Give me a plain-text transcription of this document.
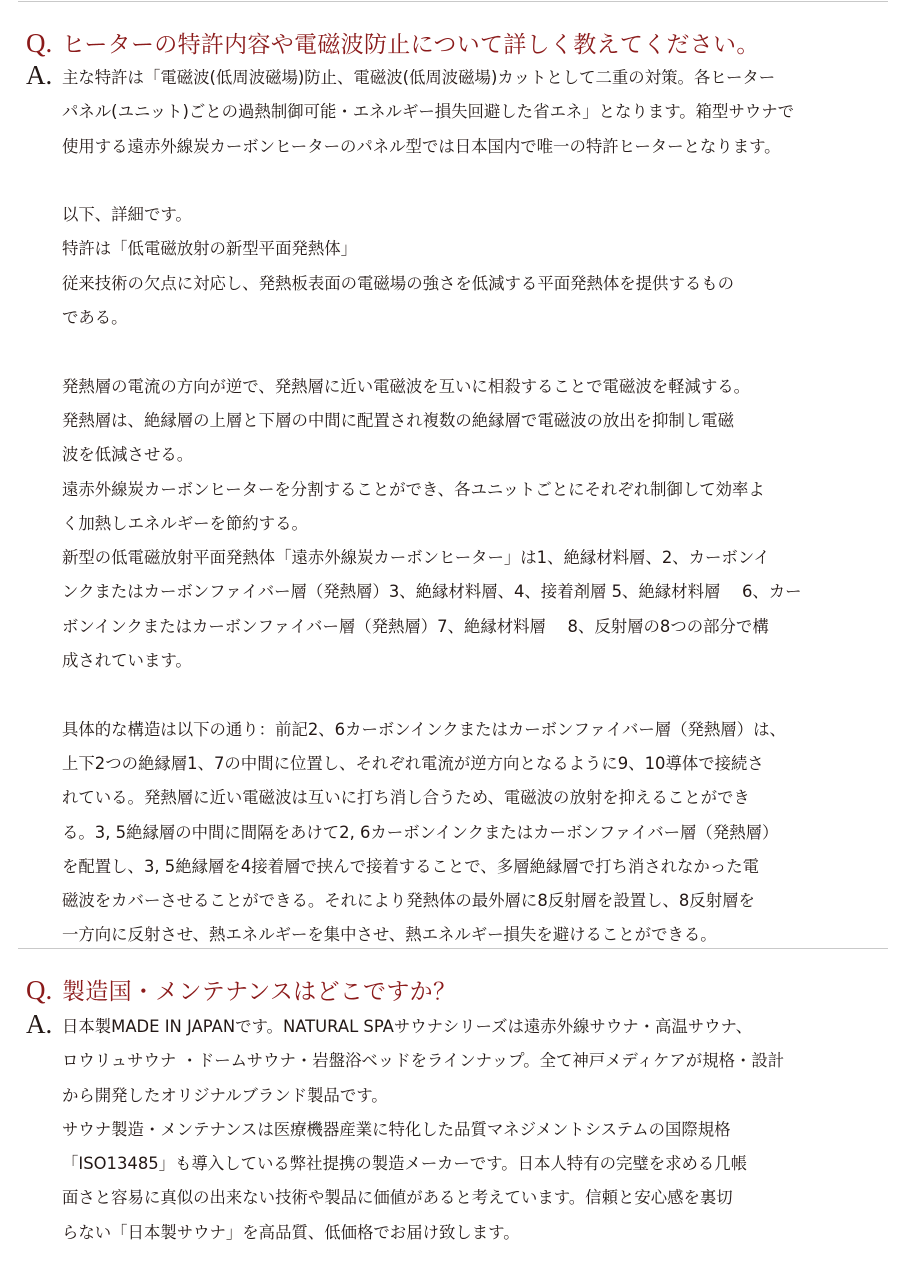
Q. ヒーターの特許内容や電磁波防止について詳しく教えてください。
A. 主な特許は「電磁波(低周波磁場)防止、電磁波(低周波磁場)カットとして二重の対策。各ヒーター
パネル(ユニット)ごとの過熱制御可能・エネルギー損失回避した省エネ」となります。箱型サウナで
使用する遠赤外線炭カーボンヒーターのパネル型では日本国内で唯一の特許ヒーターとなります。
以下、詳細です。
特許は「低電磁放射の新型平面発熱体」
従来技術の欠点に対応し、発熱板表面の電磁場の強さを低減する平面発熱体を提供するもの
である。
発熱層の電流の方向が逆で、発熱層に近い電磁波を互いに相殺することで電磁波を軽減する。
発熱層は、絶縁層の上層と下層の中間に配置され複数の絶縁層で電磁波の放出を抑制し電磁
波を低減させる。
遠赤外線炭カーボンヒーターを分割することができ、各ユニットごとにそれぞれ制御して効率よ
く加熱しエネルギーを節約する。
新型の低電磁放射平面発熱体「遠赤外線炭カーボンヒーター」は1、絶縁材料層、2、カーボンイ
ンクまたはカーボンファイバー層（発熱層）3、絶縁材料層、4、接着剤層 5、絶縁材料層　 6、カー
ボンインクまたはカーボンファイバー層（発熱層）7、絶縁材料層　 8、反射層の8つの部分で構
成されています。
具体的な構造は以下の通り：前記2、6カーボンインクまたはカーボンファイバー層（発熱層）は、
上下2つの絶縁層1、7の中間に位置し、それぞれ電流が逆方向となるように9、10導体で接続さ
れている。発熱層に近い電磁波は互いに打ち消し合うため、電磁波の放射を抑えることができ
る。3, 5絶縁層の中間に間隔をあけて2, 6カーボンインクまたはカーボンファイバー層（発熱層）
を配置し、3, 5絶縁層を4接着層で挟んで接着することで、多層絶縁層で打ち消されなかった電
磁波をカバーさせることができる。それにより発熱体の最外層に8反射層を設置し、8反射層を
一方向に反射させ、熱エネルギーを集中させ、熱エネルギー損失を避けることができる。
Q. 製造国・メンテナンスはどこですか？
A. 日本製MADE IN JAPANです。NATURAL SPAサウナシリーズは遠赤外線サウナ・高温サウナ、
ロウリュサウナ ・ドームサウナ・岩盤浴ベッドをラインナップ。全て神戸メディケアが規格・設計
から開発したオリジナルブランド製品です。
サウナ製造・メンテナンスは医療機器産業に特化した品質マネジメントシステムの国際規格
「ISO13485」も導入している弊社提携の製造メーカーです。日本人特有の完璧を求める几帳
面さと容易に真似の出来ない技術や製品に価値があると考えています。信頼と安心感を裏切
らない「日本製サウナ」を高品質、低価格でお届け致します。
